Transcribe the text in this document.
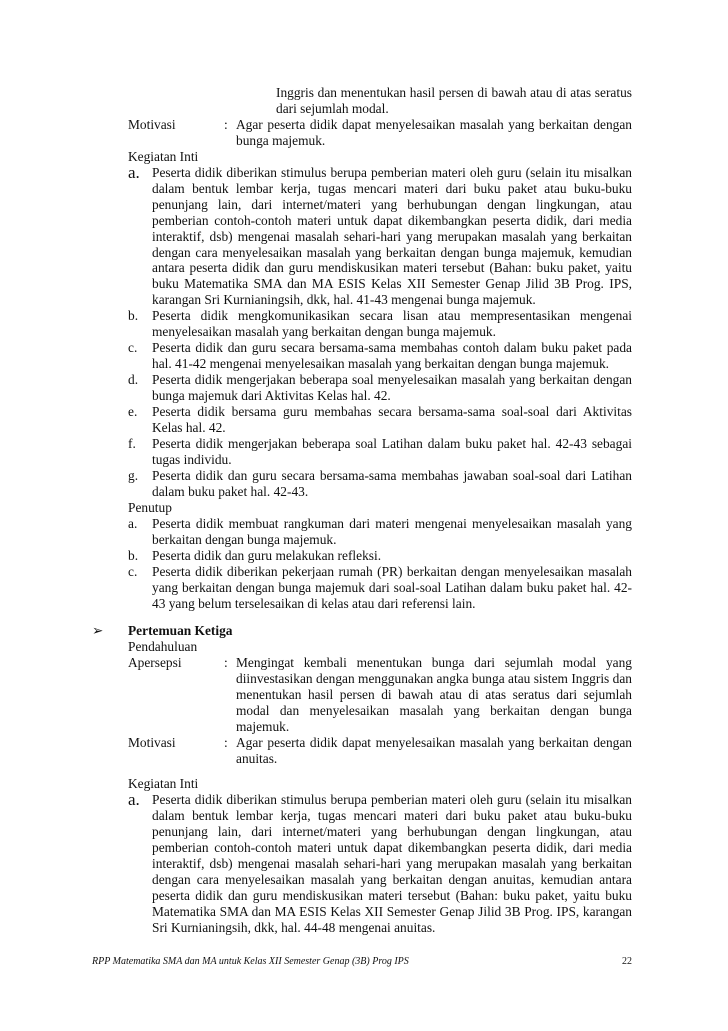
Inggris dan menentukan hasil persen di bawah atau di atas seratus dari sejumlah modal.
Motivasi	: Agar peserta didik dapat menyelesaikan masalah yang berkaitan dengan bunga majemuk.
Kegiatan Inti
a. Peserta didik diberikan stimulus berupa pemberian materi oleh guru (selain itu misalkan dalam bentuk lembar kerja, tugas mencari materi dari buku paket atau buku-buku penunjang lain, dari internet/materi yang berhubungan dengan lingkungan, atau pemberian contoh-contoh materi untuk dapat dikembangkan peserta didik, dari media interaktif, dsb) mengenai masalah sehari-hari yang merupakan masalah yang berkaitan dengan cara menyelesaikan masalah yang berkaitan dengan bunga majemuk, kemudian antara peserta didik dan guru mendiskusikan materi tersebut (Bahan: buku paket, yaitu buku Matematika SMA dan MA ESIS Kelas XII Semester Genap Jilid 3B Prog. IPS, karangan Sri Kurnianingsih, dkk, hal. 41-43 mengenai bunga majemuk.
b.	Peserta didik mengkomunikasikan secara lisan atau mempresentasikan mengenai menyelesaikan masalah yang berkaitan dengan bunga majemuk.
c.	Peserta didik dan guru secara bersama-sama membahas contoh dalam buku paket pada hal. 41-42 mengenai menyelesaikan masalah yang berkaitan dengan bunga majemuk.
d.	Peserta didik mengerjakan beberapa soal menyelesaikan masalah yang berkaitan dengan bunga majemuk dari Aktivitas Kelas hal. 42.
e.	Peserta didik bersama guru membahas secara bersama-sama soal-soal dari Aktivitas Kelas hal. 42.
f.	Peserta didik mengerjakan beberapa soal Latihan dalam buku paket hal. 42-43 sebagai tugas individu.
g.	Peserta didik dan guru secara bersama-sama membahas jawaban soal-soal dari Latihan dalam buku paket hal. 42-43.
Penutup
a.	Peserta didik membuat rangkuman dari materi mengenai menyelesaikan masalah yang berkaitan dengan bunga majemuk.
b.	Peserta didik dan guru melakukan refleksi.
c.	Peserta didik diberikan pekerjaan rumah (PR) berkaitan dengan menyelesaikan masalah yang berkaitan dengan bunga majemuk dari soal-soal Latihan dalam buku paket hal. 42-43 yang belum terselesaikan di kelas atau dari referensi lain.
➢	Pertemuan Ketiga
Pendahuluan
Apersepsi	: Mengingat kembali menentukan bunga dari sejumlah modal yang diinvestasikan dengan menggunakan angka bunga atau sistem Inggris dan menentukan hasil persen di bawah atau di atas seratus dari sejumlah modal dan menyelesaikan masalah yang berkaitan dengan bunga majemuk.
Motivasi	: Agar peserta didik dapat menyelesaikan masalah yang berkaitan dengan anuitas.
Kegiatan Inti
a. Peserta didik diberikan stimulus berupa pemberian materi oleh guru (selain itu misalkan dalam bentuk lembar kerja, tugas mencari materi dari buku paket atau buku-buku penunjang lain, dari internet/materi yang berhubungan dengan lingkungan, atau pemberian contoh-contoh materi untuk dapat dikembangkan peserta didik, dari media interaktif, dsb) mengenai masalah sehari-hari yang merupakan masalah yang berkaitan dengan cara menyelesaikan masalah yang berkaitan dengan anuitas, kemudian antara peserta didik dan guru mendiskusikan materi tersebut (Bahan: buku paket, yaitu buku Matematika SMA dan MA ESIS Kelas XII Semester Genap Jilid 3B Prog. IPS, karangan Sri Kurnianingsih, dkk, hal. 44-48 mengenai anuitas.
RPP Matematika SMA dan MA untuk Kelas XII Semester Genap (3B) Prog IPS	22
